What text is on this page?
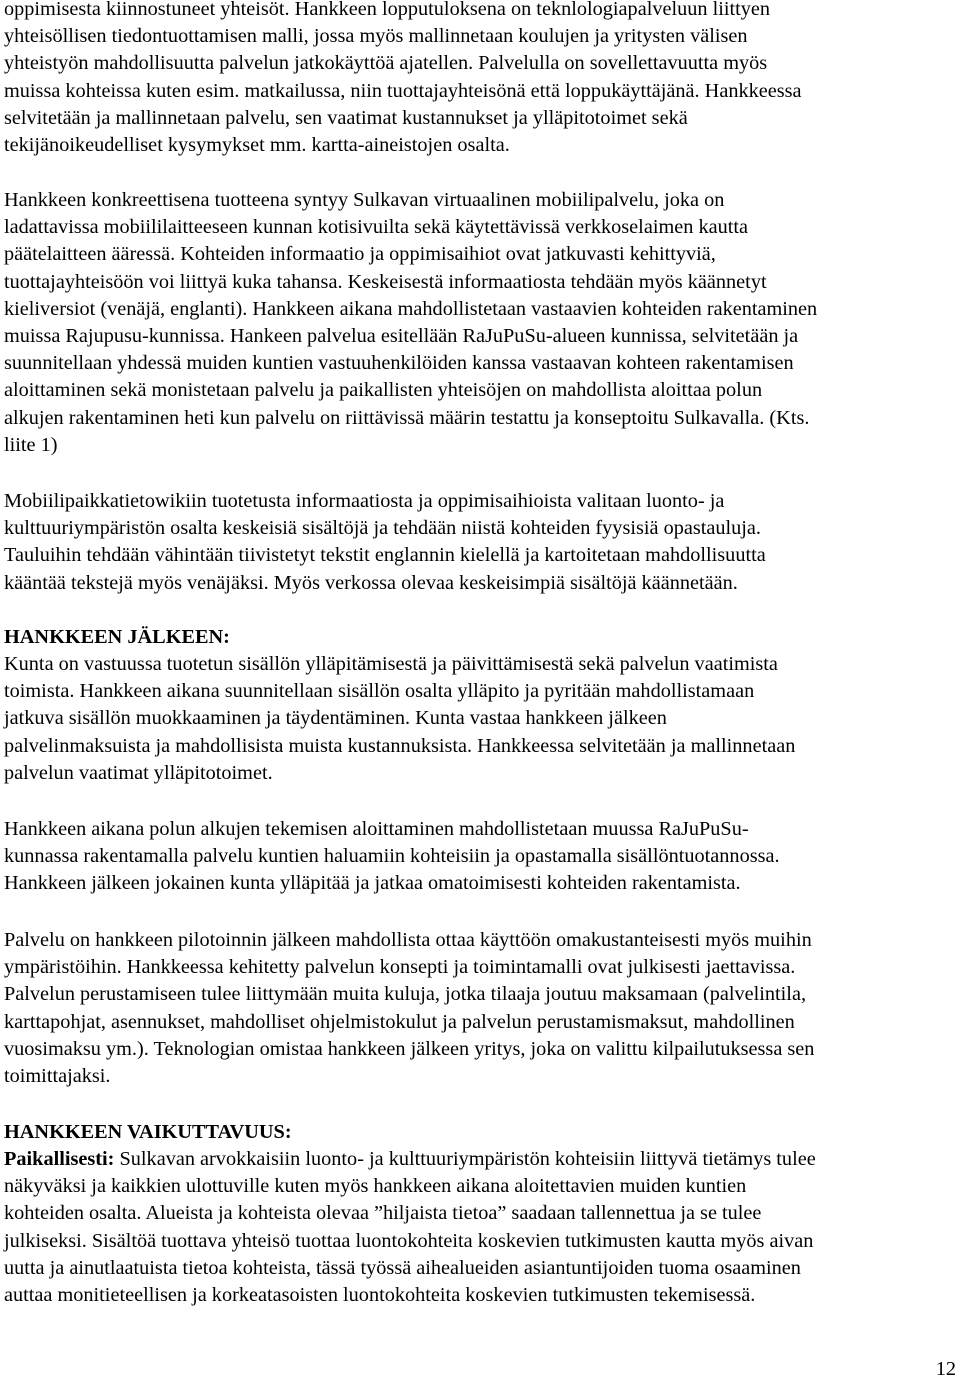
oppimisesta kiinnostuneet yhteisöt. Hankkeen lopputuloksena on teknlologiapalveluun liittyen
yhteisöllisen tiedontuottamisen malli, jossa myös mallinnetaan koulujen ja yritysten välisen
yhteistyön mahdollisuutta palvelun jatkokäyttöä ajatellen. Palvelulla on sovellettavuutta myös
muissa kohteissa kuten esim. matkailussa, niin tuottajayhteisönä että loppukäyttäjänä. Hankkeessa
selvitetään ja mallinnetaan palvelu, sen vaatimat kustannukset ja ylläpitotoimet sekä
tekijänoikeudelliset kysymykset mm. kartta-aineistojen osalta.
Hankkeen konkreettisena tuotteena syntyy Sulkavan virtuaalinen mobiilipalvelu, joka on
ladattavissa mobiililaitteeseen kunnan kotisivuilta sekä käytettävissä verkkoselaimen kautta
päätelaitteen ääressä. Kohteiden informaatio ja oppimisaihiot ovat jatkuvasti kehittyviä,
tuottajayhteisöön voi liittyä kuka tahansa. Keskeisestä informaatiosta tehdään myös käännetyt
kieliversiot (venäjä, englanti). Hankkeen aikana mahdollistetaan vastaavien kohteiden rakentaminen
muissa Rajupusu-kunnissa. Hankeen palvelua esitellään RaJuPuSu-alueen kunnissa, selvitetään ja
suunnitellaan yhdessä muiden kuntien vastuuhenkilöiden kanssa vastaavan kohteen rakentamisen
aloittaminen sekä monistetaan palvelu ja paikallisten yhteisöjen on mahdollista aloittaa polun
alkujen rakentaminen heti kun palvelu on riittävissä määrin testattu ja konseptoitu Sulkavalla. (Kts.
liite 1)
Mobiilipaikkatietowikiin tuotetusta informaatiosta ja oppimisaihioista valitaan luonto- ja
kulttuuriympäristön osalta keskeisiä sisältöjä ja tehdään niistä kohteiden fyysisiä opastauluja.
Tauluihin tehdään vähintään tiivistetyt tekstit englannin kielellä ja kartoitetaan mahdollisuutta
kääntää tekstejä myös venäjäksi. Myös verkossa olevaa keskeisimpiä sisältöjä käännetään.
HANKKEEN JÄLKEEN:
Kunta on vastuussa tuotetun sisällön ylläpitämisestä ja päivittämisestä sekä palvelun vaatimista
toimista. Hankkeen aikana suunnitellaan sisällön osalta ylläpito ja pyritään mahdollistamaan
jatkuva sisällön muokkaaminen ja täydentäminen. Kunta vastaa hankkeen jälkeen
palvelinmaksuista ja mahdollisista muista kustannuksista. Hankkeessa selvitetään ja mallinnetaan
palvelun vaatimat ylläpitotoimet.
Hankkeen aikana polun alkujen tekemisen aloittaminen mahdollistetaan muussa RaJuPuSu-
kunnassa rakentamalla palvelu kuntien haluamiin kohteisiin ja opastamalla sisällöntuotannossa.
Hankkeen jälkeen jokainen kunta ylläpitää ja jatkaa omatoimisesti kohteiden rakentamista.
Palvelu on hankkeen pilotoinnin jälkeen mahdollista ottaa käyttöön omakustanteisesti myös muihin
ympäristöihin. Hankkeessa kehitetty palvelun konsepti ja toimintamalli ovat julkisesti jaettavissa.
Palvelun perustamiseen tulee liittymään muita kuluja, jotka tilaaja joutuu maksamaan (palvelintila,
karttapohjat, asennukset, mahdolliset ohjelmistokulut ja palvelun perustamismaksut, mahdollinen
vuosimaksu ym.). Teknologian omistaa hankkeen jälkeen yritys, joka on valittu kilpailutuksessa sen
toimittajaksi.
HANKKEEN VAIKUTTAVUUS:
Paikallisesti: Sulkavan arvokkaisiin luonto- ja kulttuuriympäristön kohteisiin liittyvä tietämys tulee
näkyväksi ja kaikkien ulottuville kuten myös hankkeen aikana aloitettavien muiden kuntien
kohteiden osalta. Alueista ja kohteista olevaa ”hiljaista tietoa” saadaan tallennettua ja se tulee
julkiseksi. Sisältöä tuottava yhteisö tuottaa luontokohteita koskevien tutkimusten kautta myös aivan
uutta ja ainutlaatuista tietoa kohteista, tässä työssä aihealueiden asiantuntijoiden tuoma osaaminen
auttaa monitieteellisen ja korkeatasoisten luontokohteita koskevien tutkimusten tekemisessä.
12
